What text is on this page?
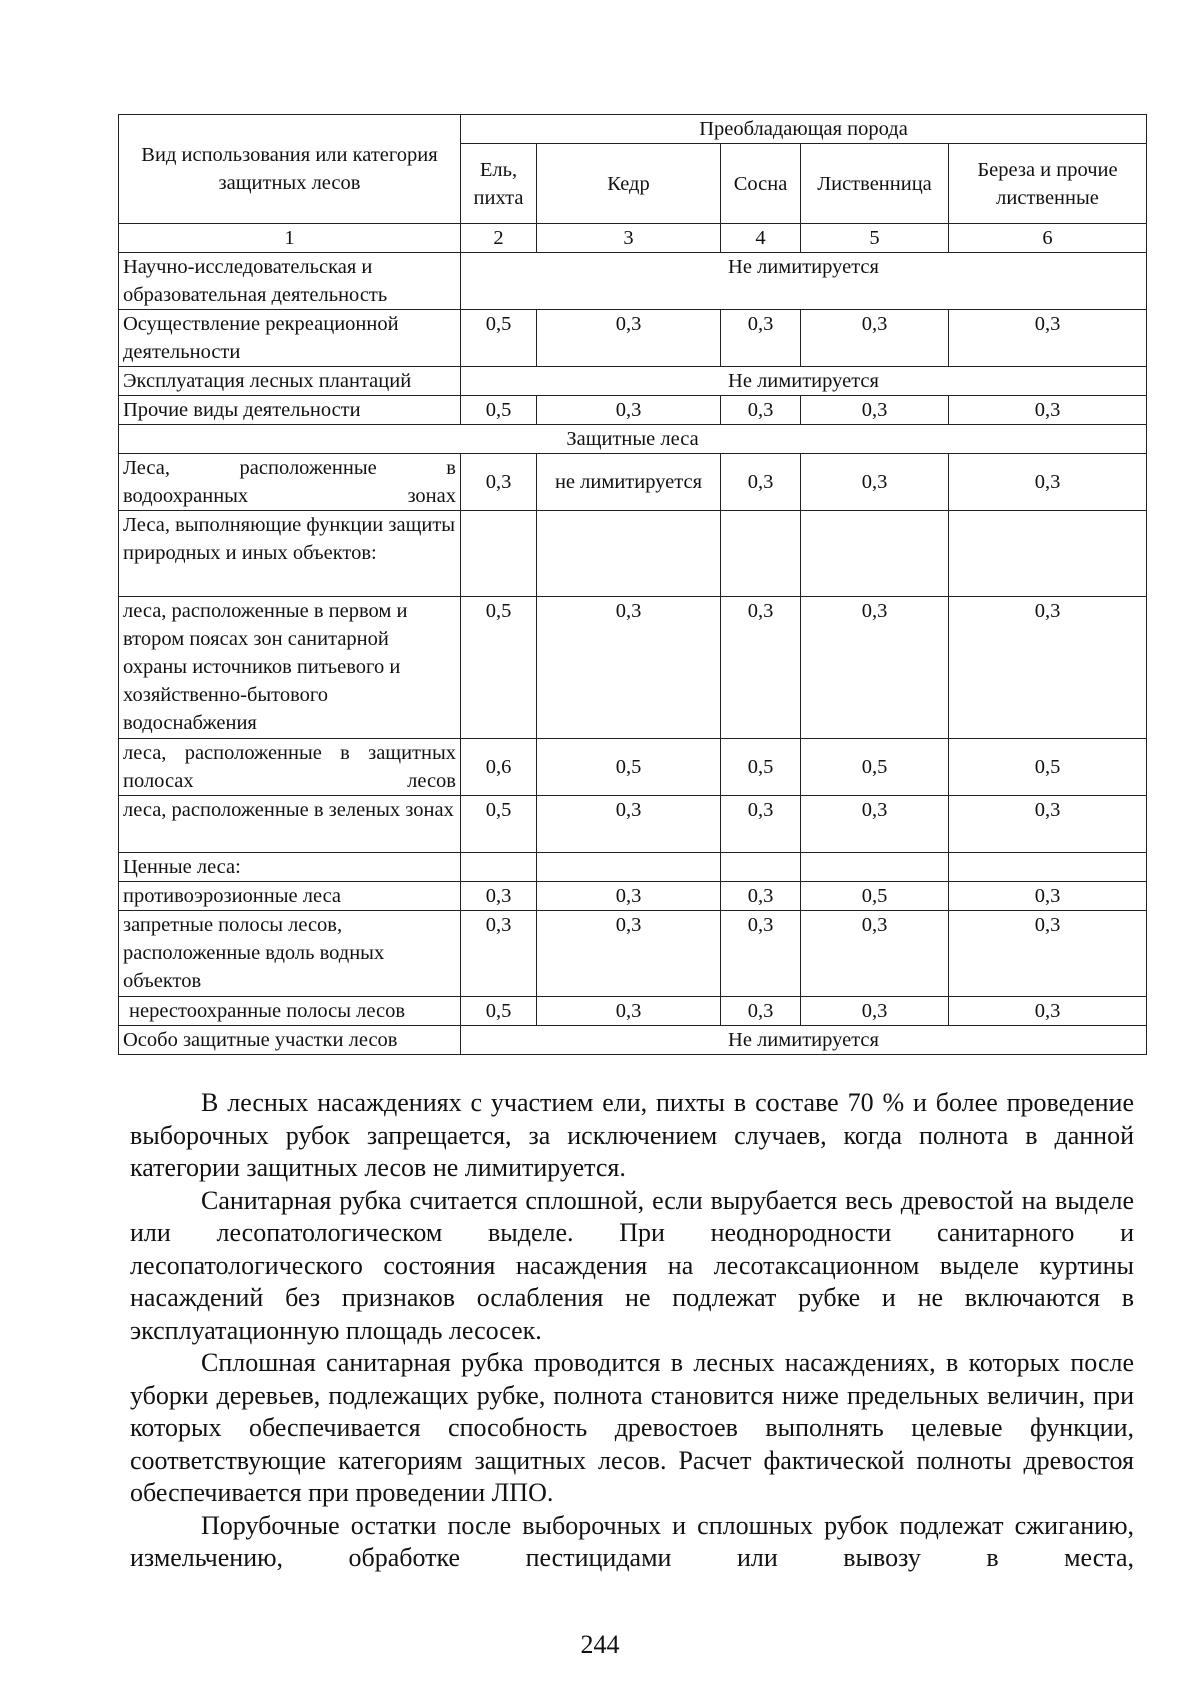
Вид использования или категория защитных лесов	Преобладающая порода				
	Ель, пихта	Кедр	Сосна	Лиственница	Береза и прочие лиственные
1	2	3	4	5	6
Научно-исследовательская и образовательная деятельность	Не лимитируется				
Осуществление рекреационной деятельности	0,5	0,3	0,3	0,3	0,3
Эксплуатация лесных плантаций	Не лимитируется				
Прочие виды деятельности	0,5	0,3	0,3	0,3	0,3
Защитные леса					
Леса, расположенные в водоохранных зонах	0,3	не лимитируется	0,3	0,3	0,3
Леса, выполняющие функции защиты природных и иных объектов:					
леса, расположенные в первом и втором поясах зон санитарной охраны источников питьевого и хозяйственно-бытового водоснабжения	0,5	0,3	0,3	0,3	0,3
леса, расположенные в защитных полосах лесов	0,6	0,5	0,5	0,5	0,5
леса, расположенные в зеленых зонах	0,5	0,3	0,3	0,3	0,3
Ценные леса:					
противоэрозионные леса	0,3	0,3	0,3	0,5	0,3
запретные полосы лесов, расположенные вдоль водных объектов	0,3	0,3	0,3	0,3	0,3
нерестоохранные полосы лесов	0,5	0,3	0,3	0,3	0,3
Особо защитные участки лесов	Не лимитируется				

В лесных насаждениях с участием ели, пихты в составе 70 % и более проведение выборочных рубок запрещается, за исключением случаев, когда полнота в данной категории защитных лесов не лимитируется.

Санитарная рубка считается сплошной, если вырубается весь древостой на выделе или лесопатологическом выделе. При неоднородности санитарного и лесопатологического состояния насаждения на лесотаксационном выделе куртины насаждений без признаков ослабления не подлежат рубке и не включаются в эксплуатационную площадь лесосек.

Сплошная санитарная рубка проводится в лесных насаждениях, в которых после уборки деревьев, подлежащих рубке, полнота становится ниже предельных величин, при которых обеспечивается способность древостоев выполнять целевые функции, соответствующие категориям защитных лесов. Расчет фактической полноты древостоя обеспечивается при проведении ЛПО.

Порубочные остатки после выборочных и сплошных рубок подлежат сжиганию, измельчению, обработке пестицидами или вывозу в места,

244
